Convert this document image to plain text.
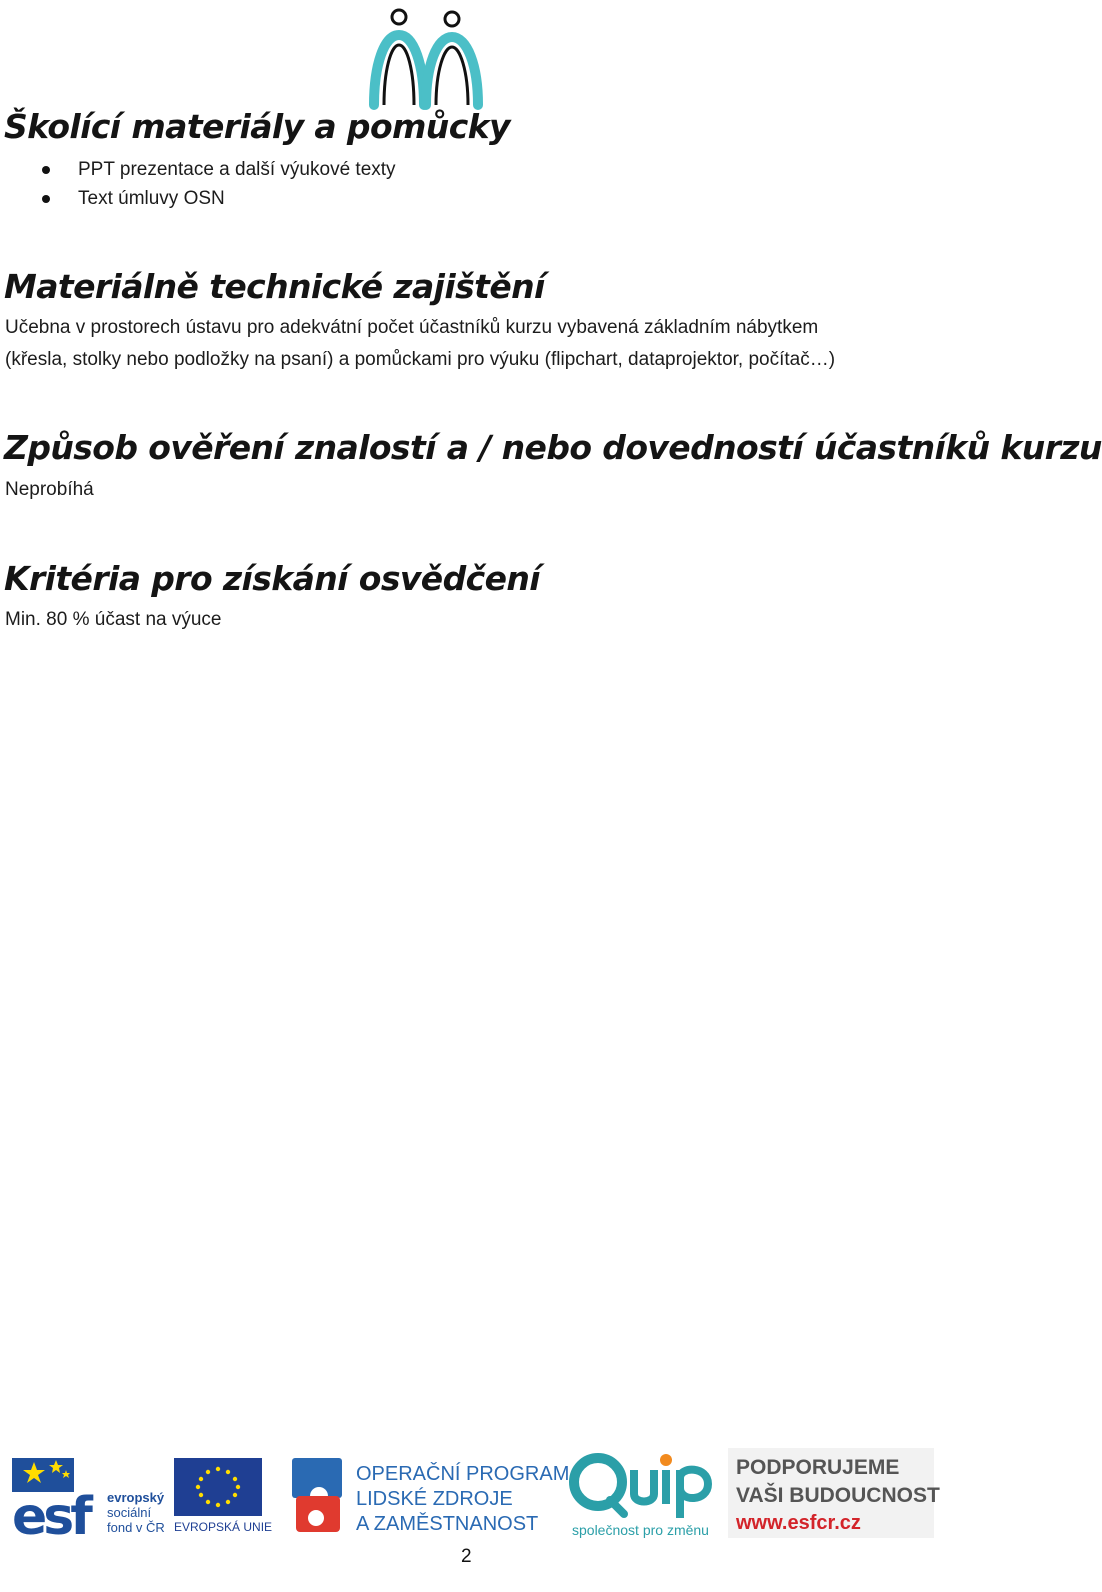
Školící materiály a pomůcky
PPT prezentace a další výukové texty
Text úmluvy OSN
Materiálně technické zajištění

Učebna v prostorech ústavu pro adekvátní počet účastníků kurzu vybavená základním nábytkem

(křesla, stolky nebo podložky na psaní) a pomůckami pro výuku (flipchart, dataprojektor, počítač…)

Způsob ověření znalostí a / nebo dovedností účastníků kurzu

Neprobíhá

Kritéria pro získání osvědčení

Min. 80 % účast na výuce

esf	evropský
sociální
fond v ČR EVROPSKÁ UNIE
OPERAČNÍ PROGRAM
LIDSKÉ ZDROJE
A ZAMĚSTNANOST	společnost pro změnu
PODPORUJEME
VAŠI BUDOUCNOST
www.esfcr.cz
2
